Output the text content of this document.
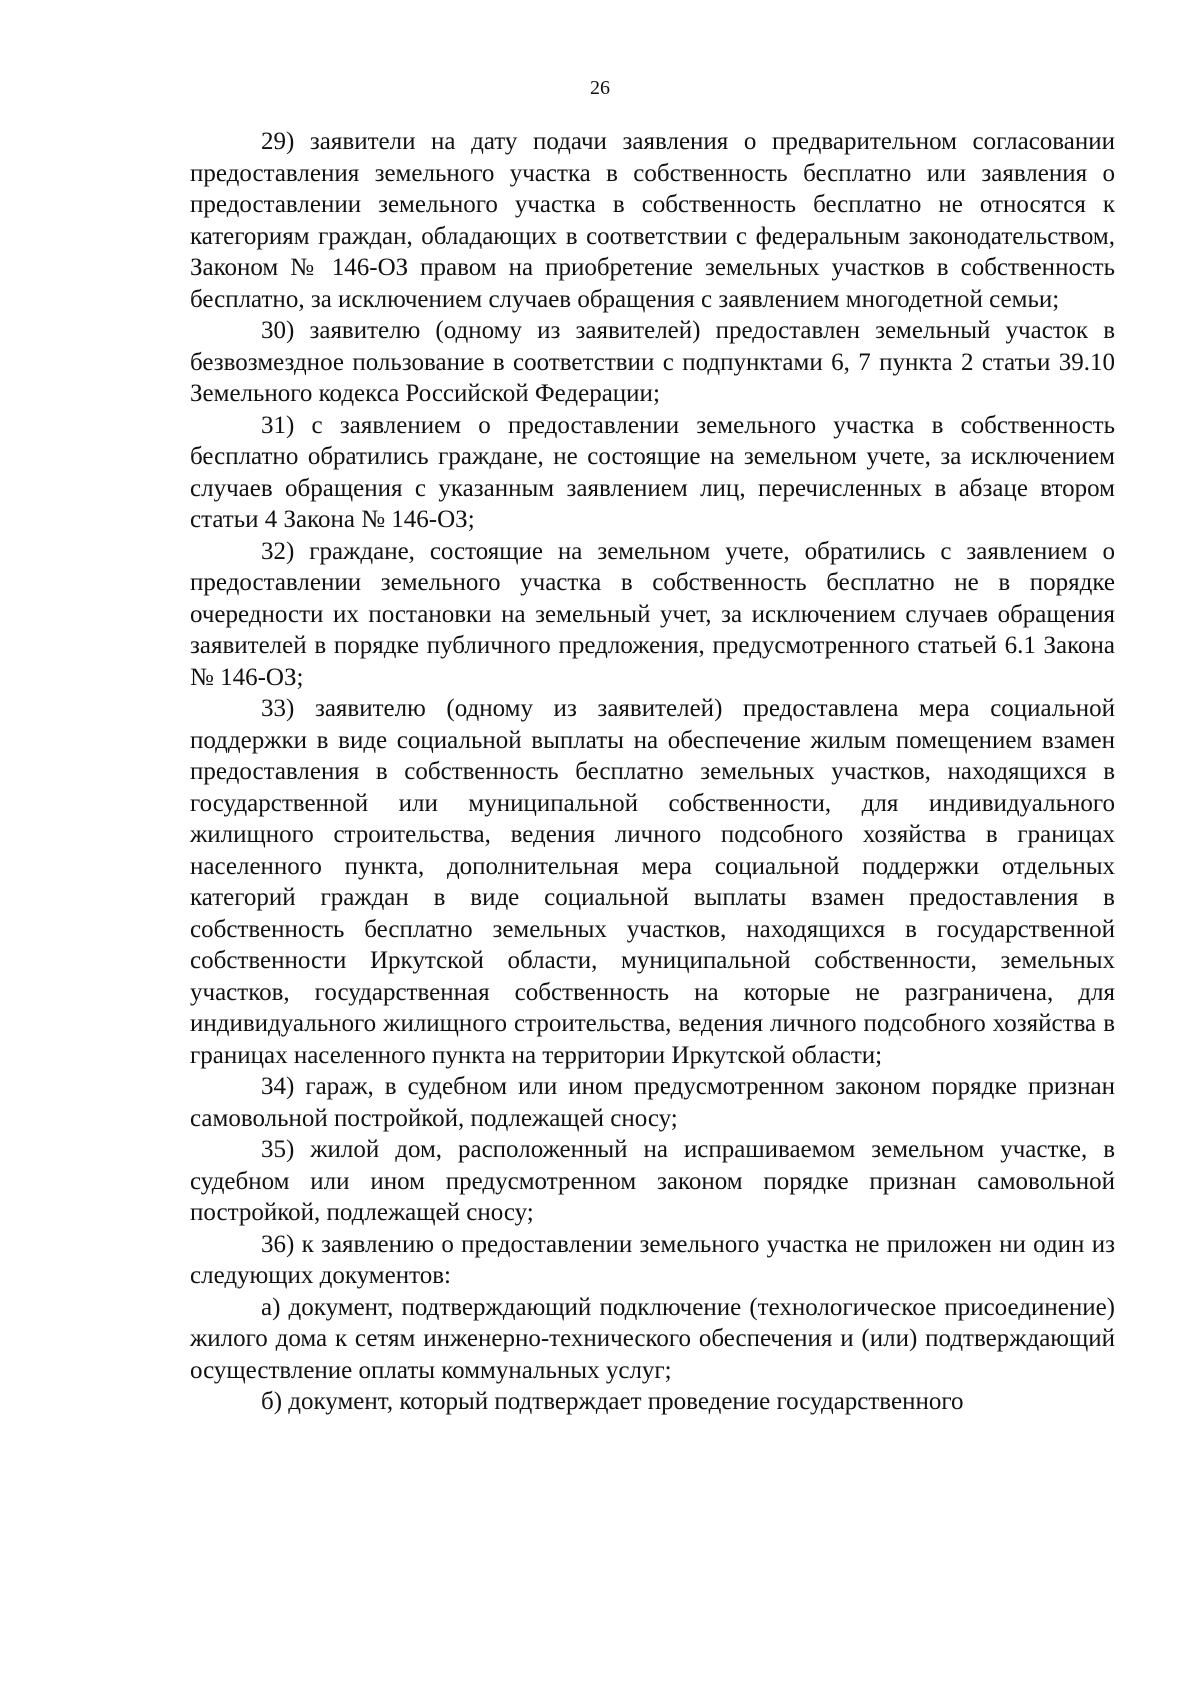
26

29) заявители на дату подачи заявления о предварительном согласовании предоставления земельного участка в собственность бесплатно или заявления о предоставлении земельного участка в собственность бесплатно не относятся к категориям граждан, обладающих в соответствии с федеральным законодательством, Законом № 146-ОЗ правом на приобретение земельных участков в собственность бесплатно, за исключением случаев обращения с заявлением многодетной семьи;

30) заявителю (одному из заявителей) предоставлен земельный участок в безвозмездное пользование в соответствии с подпунктами 6, 7 пункта 2 статьи 39.10 Земельного кодекса Российской Федерации;

31) с заявлением о предоставлении земельного участка в собственность бесплатно обратились граждане, не состоящие на земельном учете, за исключением случаев обращения с указанным заявлением лиц, перечисленных в абзаце втором статьи 4 Закона № 146-ОЗ;

32) граждане, состоящие на земельном учете, обратились с заявлением о предоставлении земельного участка в собственность бесплатно не в порядке очередности их постановки на земельный учет, за исключением случаев обращения заявителей в порядке публичного предложения, предусмотренного статьей 6.1 Закона № 146-ОЗ;

33) заявителю (одному из заявителей) предоставлена мера социальной поддержки в виде социальной выплаты на обеспечение жилым помещением взамен предоставления в собственность бесплатно земельных участков, находящихся в государственной или муниципальной собственности, для индивидуального жилищного строительства, ведения личного подсобного хозяйства в границах населенного пункта, дополнительная мера социальной поддержки отдельных категорий граждан в виде социальной выплаты взамен предоставления в собственность бесплатно земельных участков, находящихся в государственной собственности Иркутской области, муниципальной собственности, земельных участков, государственная собственность на которые не разграничена, для индивидуального жилищного строительства, ведения личного подсобного хозяйства в границах населенного пункта на территории Иркутской области;

34) гараж, в судебном или ином предусмотренном законом порядке признан самовольной постройкой, подлежащей сносу;

35) жилой дом, расположенный на испрашиваемом земельном участке, в судебном или ином предусмотренном законом порядке признан самовольной постройкой, подлежащей сносу;

36) к заявлению о предоставлении земельного участка не приложен ни один из следующих документов:

а) документ, подтверждающий подключение (технологическое присоединение) жилого дома к сетям инженерно-технического обеспечения и (или) подтверждающий осуществление оплаты коммунальных услуг;

б) документ, который подтверждает проведение государственного
